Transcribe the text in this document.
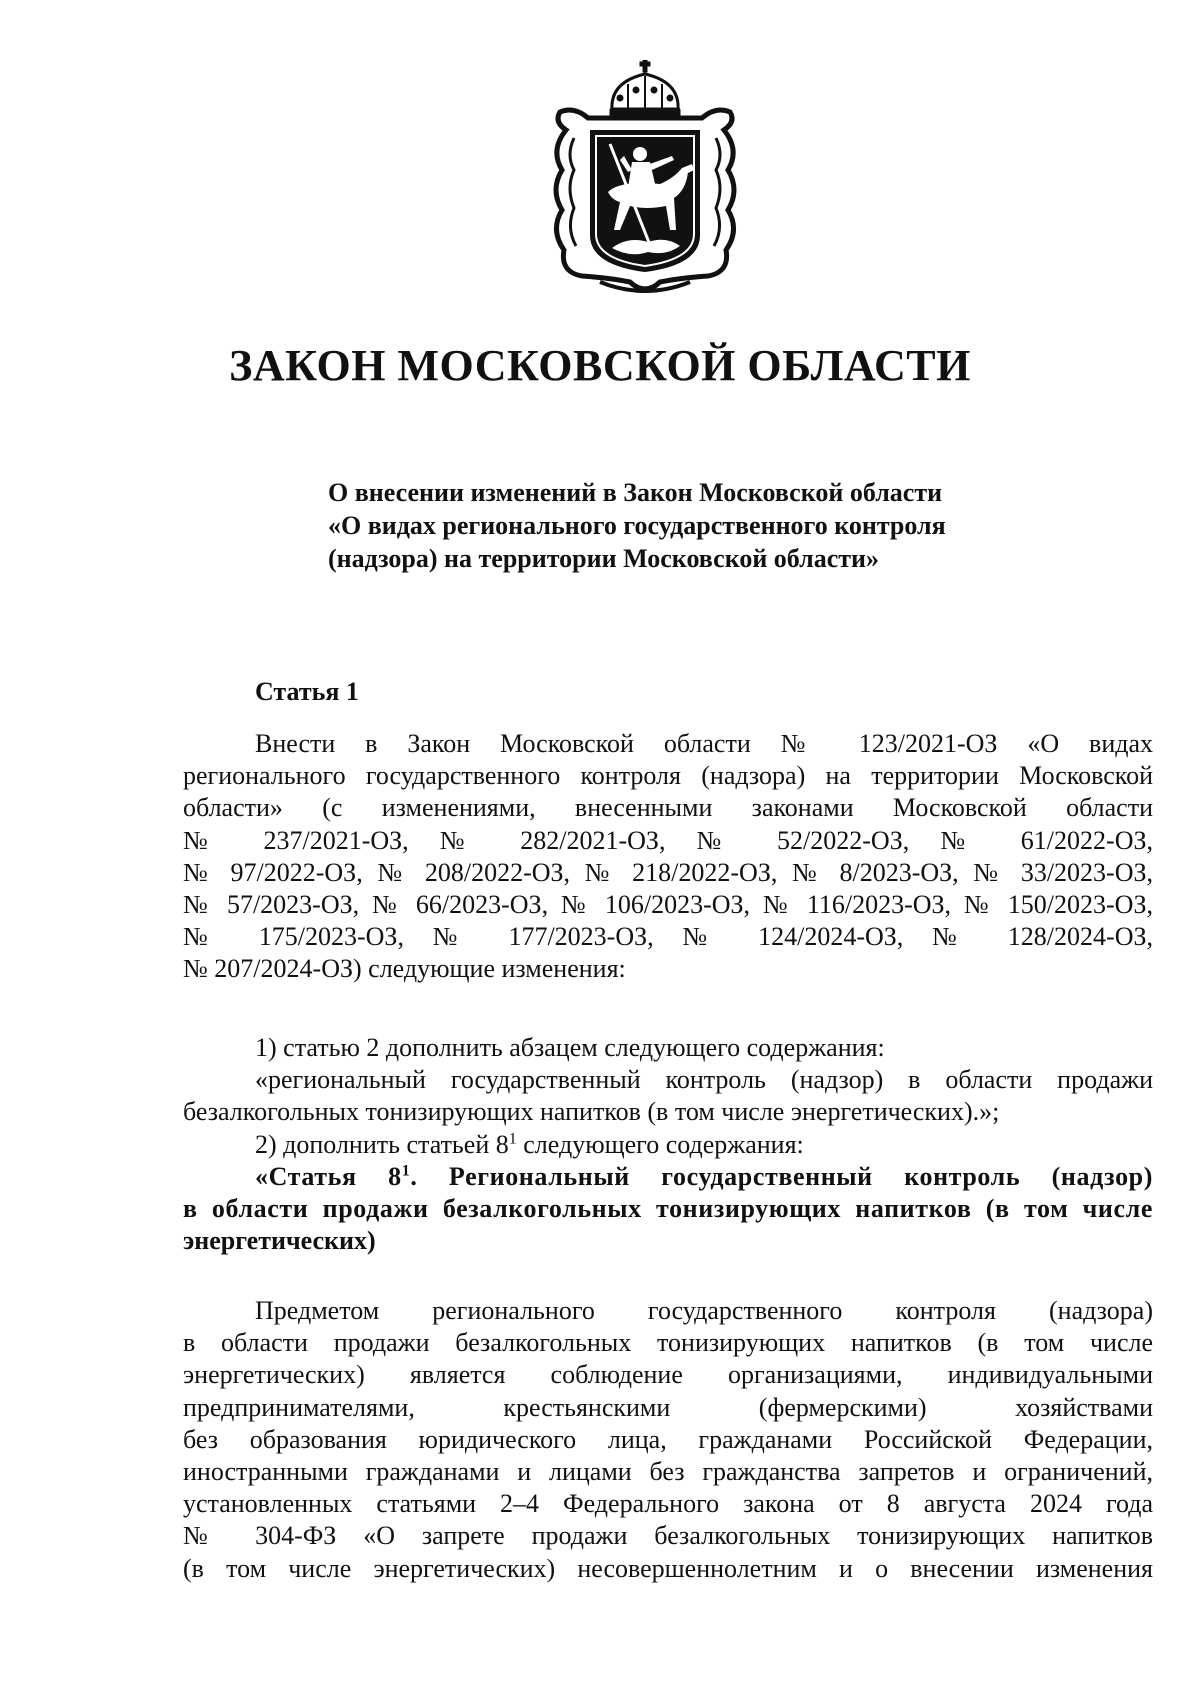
ЗАКОН МОСКОВСКОЙ ОБЛАСТИ
О внесении изменений в Закон Московской области
«О видах регионального государственного контроля
(надзора) на территории Московской области»
Статья 1
Внести в Закон Московской области № 123/2021-ОЗ «О видах
регионального государственного контроля (надзора) на территории Московской
области» (с изменениями, внесенными законами Московской области
№ 237/2021-ОЗ, № 282/2021-ОЗ, № 52/2022-ОЗ, № 61/2022-ОЗ,
№ 97/2022-ОЗ, № 208/2022-ОЗ, № 218/2022-ОЗ, № 8/2023-ОЗ, № 33/2023-ОЗ,
№ 57/2023-ОЗ, № 66/2023-ОЗ, № 106/2023-ОЗ, № 116/2023-ОЗ, № 150/2023-ОЗ,
№ 175/2023-ОЗ, № 177/2023-ОЗ, № 124/2024-ОЗ, № 128/2024-ОЗ,
№ 207/2024-ОЗ) следующие изменения:
1) статью 2 дополнить абзацем следующего содержания:
«региональный государственный контроль (надзор) в области продажи
безалкогольных тонизирующих напитков (в том числе энергетических).»;
2) дополнить статьей $8^1$ следующего содержания:
«Статья $8^1$. Региональный государственный контроль (надзор)
в области продажи безалкогольных тонизирующих напитков (в том числе
энергетических)
Предметом регионального государственного контроля (надзора)
в области продажи безалкогольных тонизирующих напитков (в том числе
энергетических) является соблюдение организациями, индивидуальными
предпринимателями, крестьянскими (фермерскими) хозяйствами
без образования юридического лица, гражданами Российской Федерации,
иностранными гражданами и лицами без гражданства запретов и ограничений,
установленных статьями 2–4 Федерального закона от 8 августа 2024 года
№ 304-ФЗ «О запрете продажи безалкогольных тонизирующих напитков
(в том числе энергетических) несовершеннолетним и о внесении изменения
